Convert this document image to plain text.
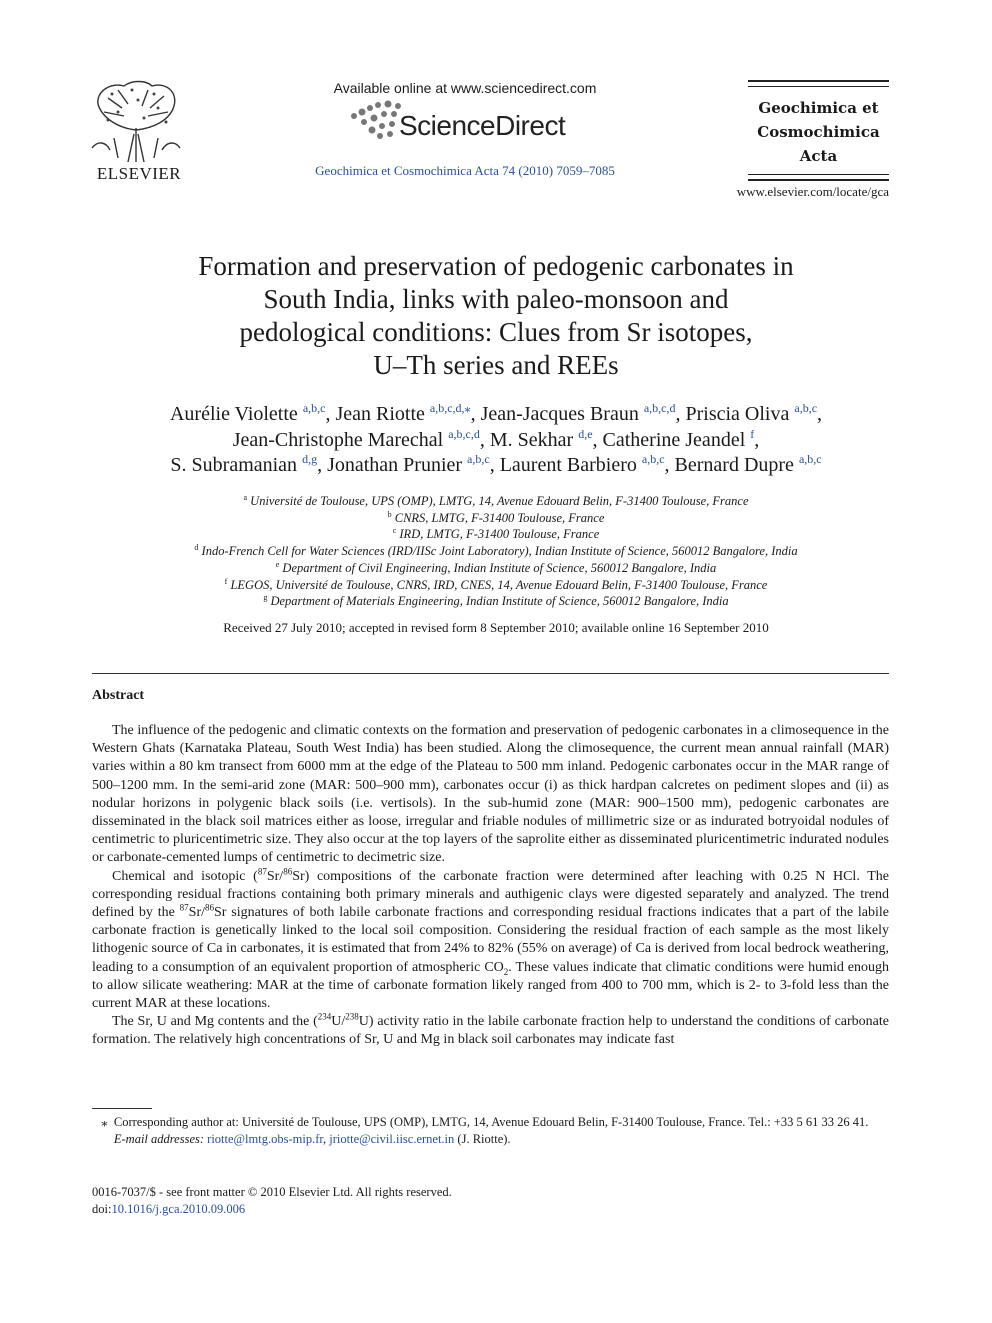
ELSEVIER
Available online at www.sciencedirect.com
ScienceDirect
Geochimica et Cosmochimica Acta 74 (2010) 7059–7085
Geochimica et
Cosmochimica
Acta
www.elsevier.com/locate/gca
Formation and preservation of pedogenic carbonates in
South India, links with paleo-monsoon and
pedological conditions: Clues from Sr isotopes,
U–Th series and REEs
Aurélie Violette $^{a,b,c}$, Jean Riotte $^{a,b,c,d,⁎}$, Jean-Jacques Braun $^{a,b,c,d}$, Priscia Oliva $^{a,b,c}$,
Jean-Christophe Marechal $^{a,b,c,d}$, M. Sekhar $^{d,e}$, Catherine Jeandel $^f$,
S. Subramanian $^{d,g}$, Jonathan Prunier $^{a,b,c}$, Laurent Barbiero $^{a,b,c}$, Bernard Dupre $^{a,b,c}$
$^a$ Université de Toulouse, UPS (OMP), LMTG, 14, Avenue Edouard Belin, F-31400 Toulouse, France
$^b$ CNRS, LMTG, F-31400 Toulouse, France
$^c$ IRD, LMTG, F-31400 Toulouse, France
$^d$ Indo-French Cell for Water Sciences (IRD/IISc Joint Laboratory), Indian Institute of Science, 560012 Bangalore, India
$^e$ Department of Civil Engineering, Indian Institute of Science, 560012 Bangalore, India
$^f$ LEGOS, Université de Toulouse, CNRS, IRD, CNES, 14, Avenue Edouard Belin, F-31400 Toulouse, France
$^g$ Department of Materials Engineering, Indian Institute of Science, 560012 Bangalore, India
Received 27 July 2010; accepted in revised form 8 September 2010; available online 16 September 2010
Abstract

The influence of the pedogenic and climatic contexts on the formation and preservation of pedogenic carbonates in a climosequence in the Western Ghats (Karnataka Plateau, South West India) has been studied. Along the climosequence, the current mean annual rainfall (MAR) varies within a 80 km transect from 6000 mm at the edge of the Plateau to 500 mm inland. Pedogenic carbonates occur in the MAR range of 500–1200 mm. In the semi-arid zone (MAR: 500–900 mm), carbonates occur (i) as thick hardpan calcretes on pediment slopes and (ii) as nodular horizons in polygenic black soils (i.e. vertisols). In the sub-humid zone (MAR: 900–1500 mm), pedogenic carbonates are disseminated in the black soil matrices either as loose, irregular and friable nodules of millimetric size or as indurated botryoidal nodules of centimetric to pluricentimetric size. They also occur at the top layers of the saprolite either as disseminated pluricentimetric indurated nodules or carbonate-cemented lumps of centimetric to decimetric size.

Chemical and isotopic ($^{87}$Sr/$^{86}$Sr) compositions of the carbonate fraction were determined after leaching with 0.25 N HCl. The corresponding residual fractions containing both primary minerals and authigenic clays were digested separately and analyzed. The trend defined by the $^{87}$Sr/$^{86}$Sr signatures of both labile carbonate fractions and corresponding residual fractions indicates that a part of the labile carbonate fraction is genetically linked to the local soil composition. Considering the residual fraction of each sample as the most likely lithogenic source of Ca in carbonates, it is estimated that from 24% to 82% (55% on average) of Ca is derived from local bedrock weathering, leading to a consumption of an equivalent proportion of atmospheric $CO_2$. These values indicate that climatic conditions were humid enough to allow silicate weathering: MAR at the time of carbonate formation likely ranged from 400 to 700 mm, which is 2- to 3-fold less than the current MAR at these locations.

The Sr, U and Mg contents and the ($^{234}$U/$^{238}$U) activity ratio in the labile carbonate fraction help to understand the conditions of carbonate formation. The relatively high concentrations of Sr, U and Mg in black soil carbonates may indicate fast

⁎ Corresponding author at: Université de Toulouse, UPS (OMP), LMTG, 14, Avenue Edouard Belin, F-31400 Toulouse, France. Tel.: +33 5 61 33 26 41.

E-mail addresses: riotte@lmtg.obs-mip.fr, jriotte@civil.iisc.ernet.in (J. Riotte).

0016-7037/$ - see front matter © 2010 Elsevier Ltd. All rights reserved.
doi:10.1016/j.gca.2010.09.006
